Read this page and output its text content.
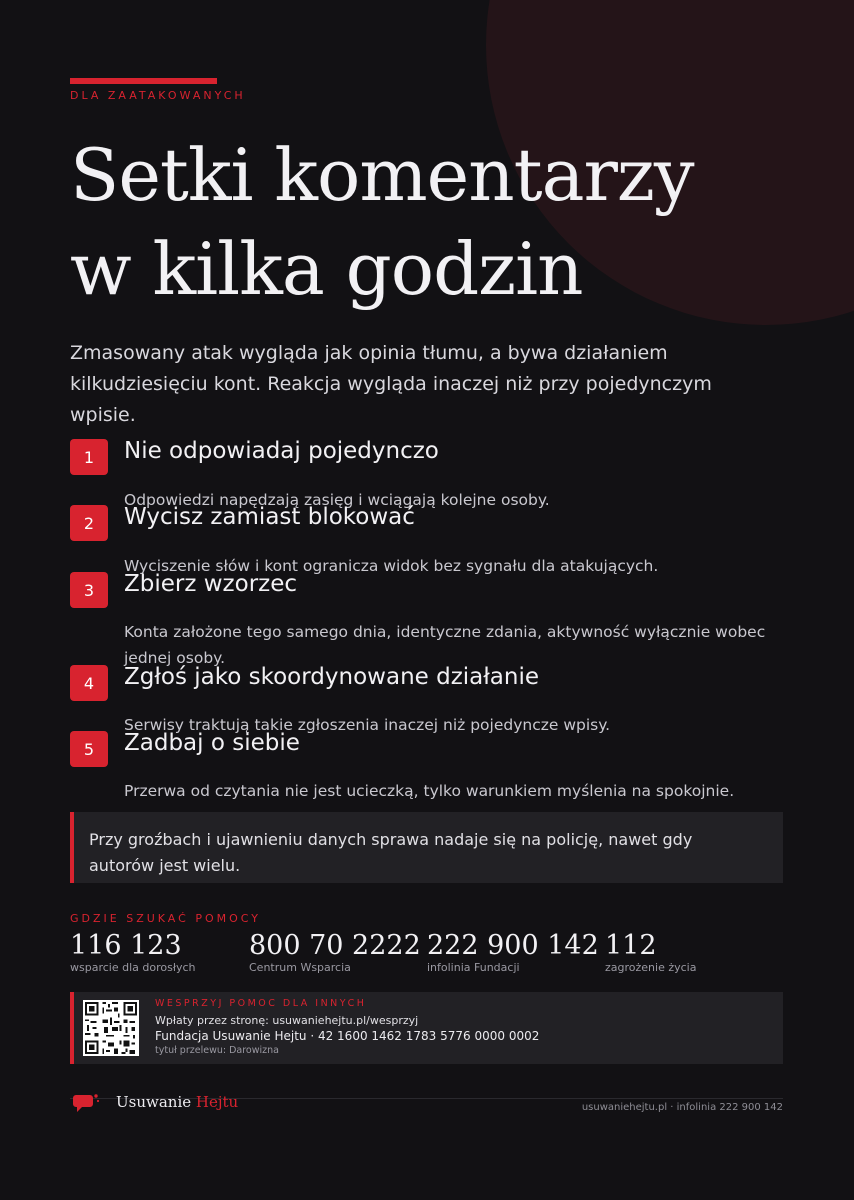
DLA ZAATAKOWANYCH
Setki komentarzy
w kilka godzin

Zmasowany atak wygląda jak opinia tłumu, a bywa działaniem kilkudziesięciu kont. Reakcja wygląda inaczej niż przy pojedynczym wpisie.

1	Nie odpowiadaj pojedynczo
Odpowiedzi napędzają zasięg i wciągają kolejne osoby.
2	Wycisz zamiast blokować
Wyciszenie słów i kont ogranicza widok bez sygnału dla atakujących.
3	Zbierz wzorzec
Konta założone tego samego dnia, identyczne zdania, aktywność wyłącznie wobec jednej osoby.
4	Zgłoś jako skoordynowane działanie
Serwisy traktują takie zgłoszenia inaczej niż pojedyncze wpisy.
5	Zadbaj o siebie
Przerwa od czytania nie jest ucieczką, tylko warunkiem myślenia na spokojnie.

Przy groźbach i ujawnieniu danych sprawa nadaje się na policję, nawet gdy autorów jest wielu.

GDZIE SZUKAĆ POMOCY
116 123
wsparcie dla dorosłych
800 70 2222
Centrum Wsparcia
222 900 142
infolinia Fundacji
112
zagrożenie życia
WESPRZYJ POMOC DLA INNYCH
Wpłaty przez stronę: usuwaniehejtu.pl/wesprzyj
Fundacja Usuwanie Hejtu · 42 1600 1462 1783 5776 0000 0002
tytuł przelewu: Darowizna
Usuwanie Hejtu	usuwaniehejtu.pl · infolinia 222 900 142
